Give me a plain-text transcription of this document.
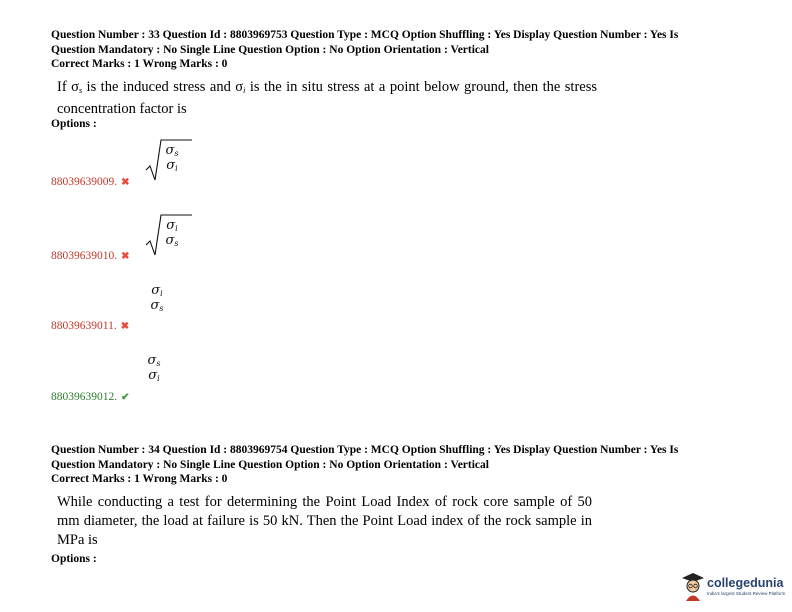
Question Number : 33 Question Id : 8803969753 Question Type : MCQ Option Shuffling : Yes Display Question Number : Yes Is
Question Mandatory : No Single Line Question Option : No Option Orientation : Vertical
Correct Marks : 1 Wrong Marks : 0
If $\sigma_s$ is the induced stress and $\sigma_i$ is the in situ stress at a point below ground, then the stress concentration factor is
Options :
$\sigma_s$
$\sigma_i$
88039639009. ✖
$\sigma_i$
$\sigma_s$
88039639010. ✖
$\sigma_i$
$\sigma_s$
88039639011. ✖
$\sigma_s$
$\sigma_i$
88039639012. ✔
Question Number : 34 Question Id : 8803969754 Question Type : MCQ Option Shuffling : Yes Display Question Number : Yes Is
Question Mandatory : No Single Line Question Option : No Option Orientation : Vertical
Correct Marks : 1 Wrong Marks : 0
While conducting a test for determining the Point Load Index of rock core sample of 50 mm diameter, the load at failure is 50 kN. Then the Point Load index of the rock sample in MPa is
Options :
collegedunia
India's largest Student Review Platform
